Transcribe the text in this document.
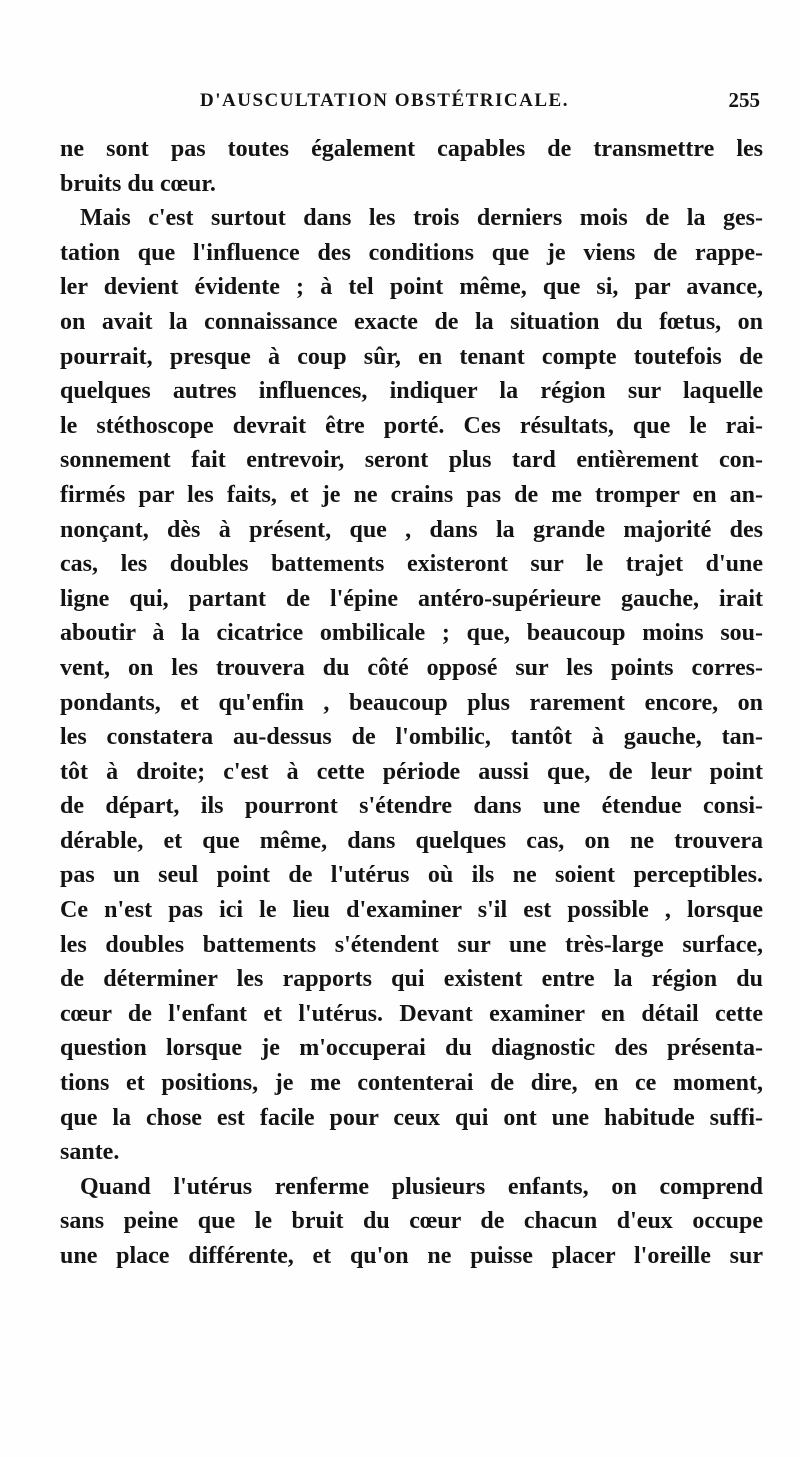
D'AUSCULTATION OBSTÉTRICALE.	255
ne sont pas toutes également capables de transmettre les
bruits du cœur.
Mais c'est surtout dans les trois derniers mois de la ges-
tation que l'influence des conditions que je viens de rappe-
ler devient évidente ; à tel point même, que si, par avance,
on avait la connaissance exacte de la situation du fœtus, on
pourrait, presque à coup sûr, en tenant compte toutefois de
quelques autres influences, indiquer la région sur laquelle
le stéthoscope devrait être porté. Ces résultats, que le rai-
sonnement fait entrevoir, seront plus tard entièrement con-
firmés par les faits, et je ne crains pas de me tromper en an-
nonçant, dès à présent, que , dans la grande majorité des
cas, les doubles battements existeront sur le trajet d'une
ligne qui, partant de l'épine antéro-supérieure gauche, irait
aboutir à la cicatrice ombilicale ; que, beaucoup moins sou-
vent, on les trouvera du côté opposé sur les points corres-
pondants, et qu'enfin , beaucoup plus rarement encore, on
les constatera au-dessus de l'ombilic, tantôt à gauche, tan-
tôt à droite; c'est à cette période aussi que, de leur point
de départ, ils pourront s'étendre dans une étendue consi-
dérable, et que même, dans quelques cas, on ne trouvera
pas un seul point de l'utérus où ils ne soient perceptibles.
Ce n'est pas ici le lieu d'examiner s'il est possible , lorsque
les doubles battements s'étendent sur une très-large surface,
de déterminer les rapports qui existent entre la région du
cœur de l'enfant et l'utérus. Devant examiner en détail cette
question lorsque je m'occuperai du diagnostic des présenta-
tions et positions, je me contenterai de dire, en ce moment,
que la chose est facile pour ceux qui ont une habitude suffi-
sante.
Quand l'utérus renferme plusieurs enfants, on comprend
sans peine que le bruit du cœur de chacun d'eux occupe
une place différente, et qu'on ne puisse placer l'oreille sur
